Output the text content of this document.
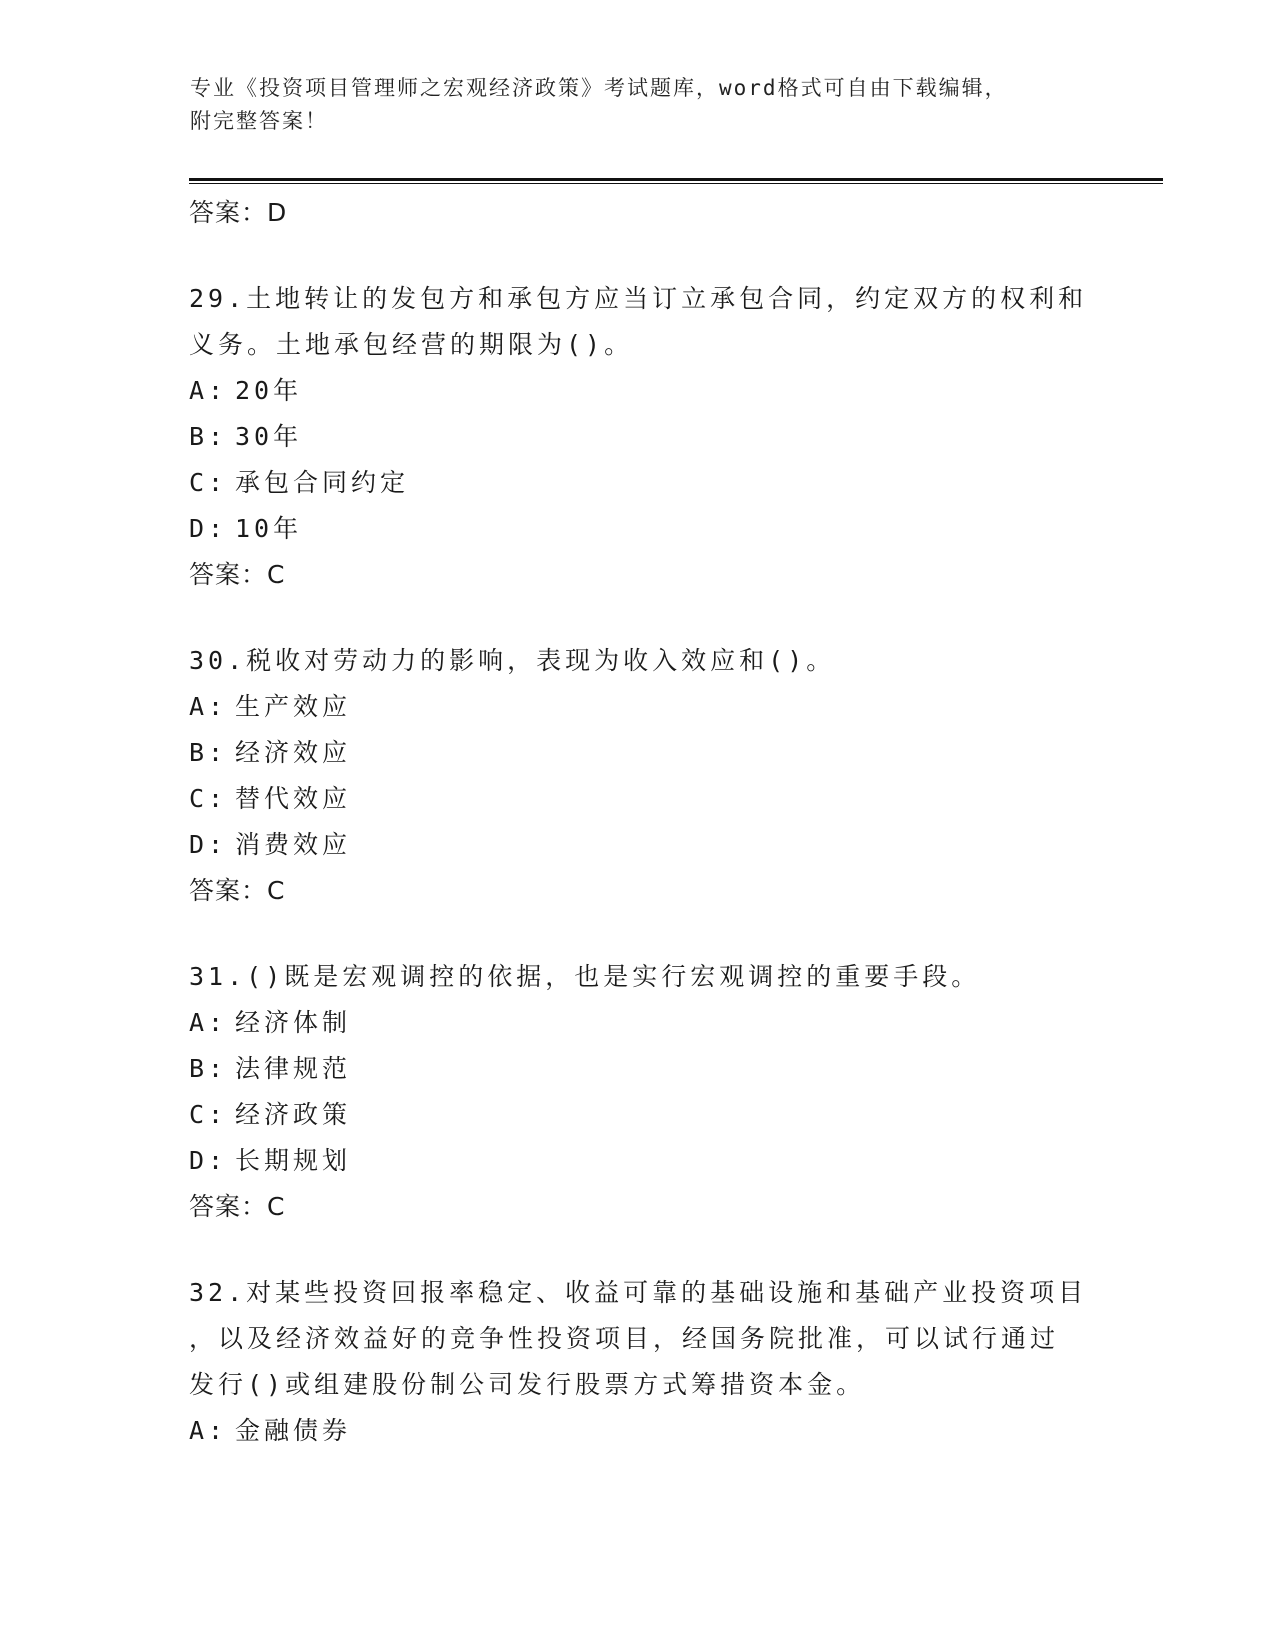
专业《投资项目管理师之宏观经济政策》考试题库，word格式可自由下载编辑，
附完整答案！
答案：D
29.土地转让的发包方和承包方应当订立承包合同，约定双方的权利和
义务。土地承包经营的期限为()。
A: 20年
B: 30年
C: 承包合同约定
D: 10年
答案：C
30.税收对劳动力的影响，表现为收入效应和()。
A: 生产效应
B: 经济效应
C: 替代效应
D: 消费效应
答案：C
31.()既是宏观调控的依据，也是实行宏观调控的重要手段。
A: 经济体制
B: 法律规范
C: 经济政策
D: 长期规划
答案：C
32.对某些投资回报率稳定、收益可靠的基础设施和基础产业投资项目
，以及经济效益好的竞争性投资项目，经国务院批准，可以试行通过
发行()或组建股份制公司发行股票方式筹措资本金。
A: 金融债券
